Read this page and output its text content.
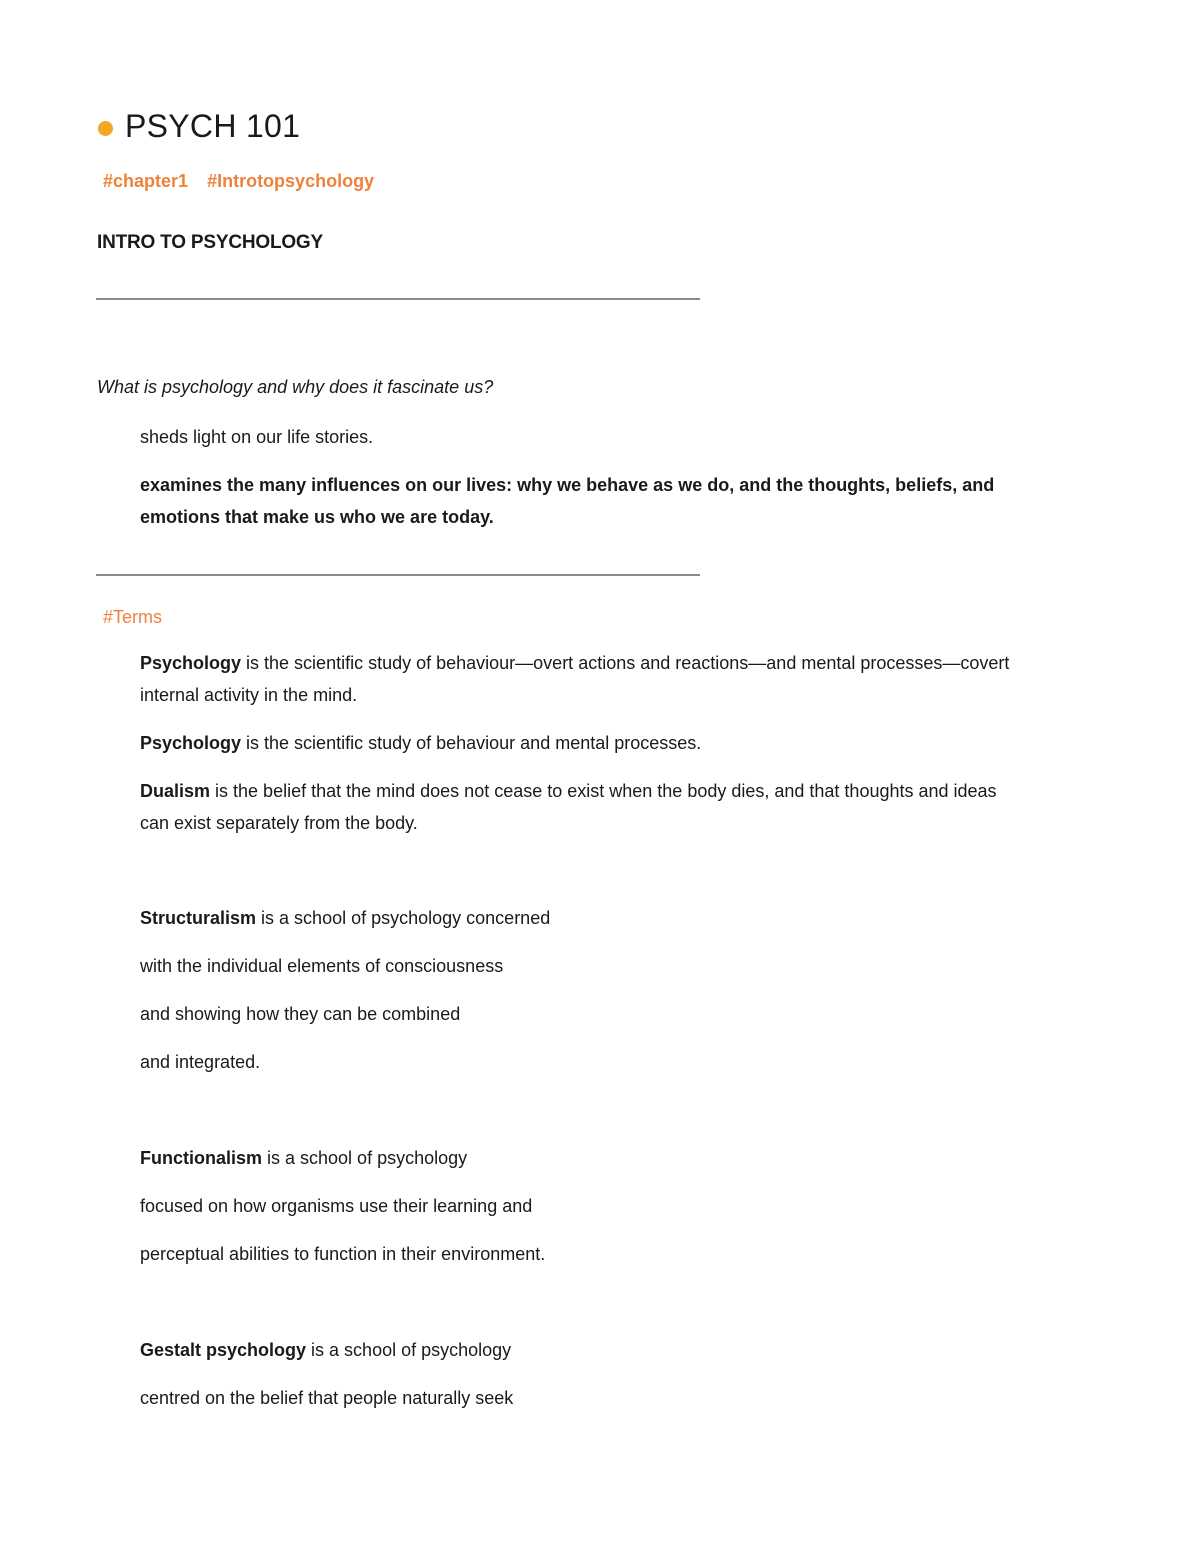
PSYCH 101
#chapter1 #Introtopsychology
INTRO TO PSYCHOLOGY
What is psychology and why does it fascinate us?
sheds light on our life stories.
examines the many influences on our lives: why we behave as we do, and the thoughts, beliefs, and
emotions that make us who we are today.
#Terms
Psychology is the scientific study of behaviour—overt actions and reactions—and mental processes—covert
internal activity in the mind.
Psychology is the scientific study of behaviour and mental processes.
Dualism is the belief that the mind does not cease to exist when the body dies, and that thoughts and ideas
can exist separately from the body.
Structuralism is a school of psychology concerned
with the individual elements of consciousness
and showing how they can be combined
and integrated.
Functionalism is a school of psychology
focused on how organisms use their learning and
perceptual abilities to function in their environment.
Gestalt psychology is a school of psychology
centred on the belief that people naturally seek
